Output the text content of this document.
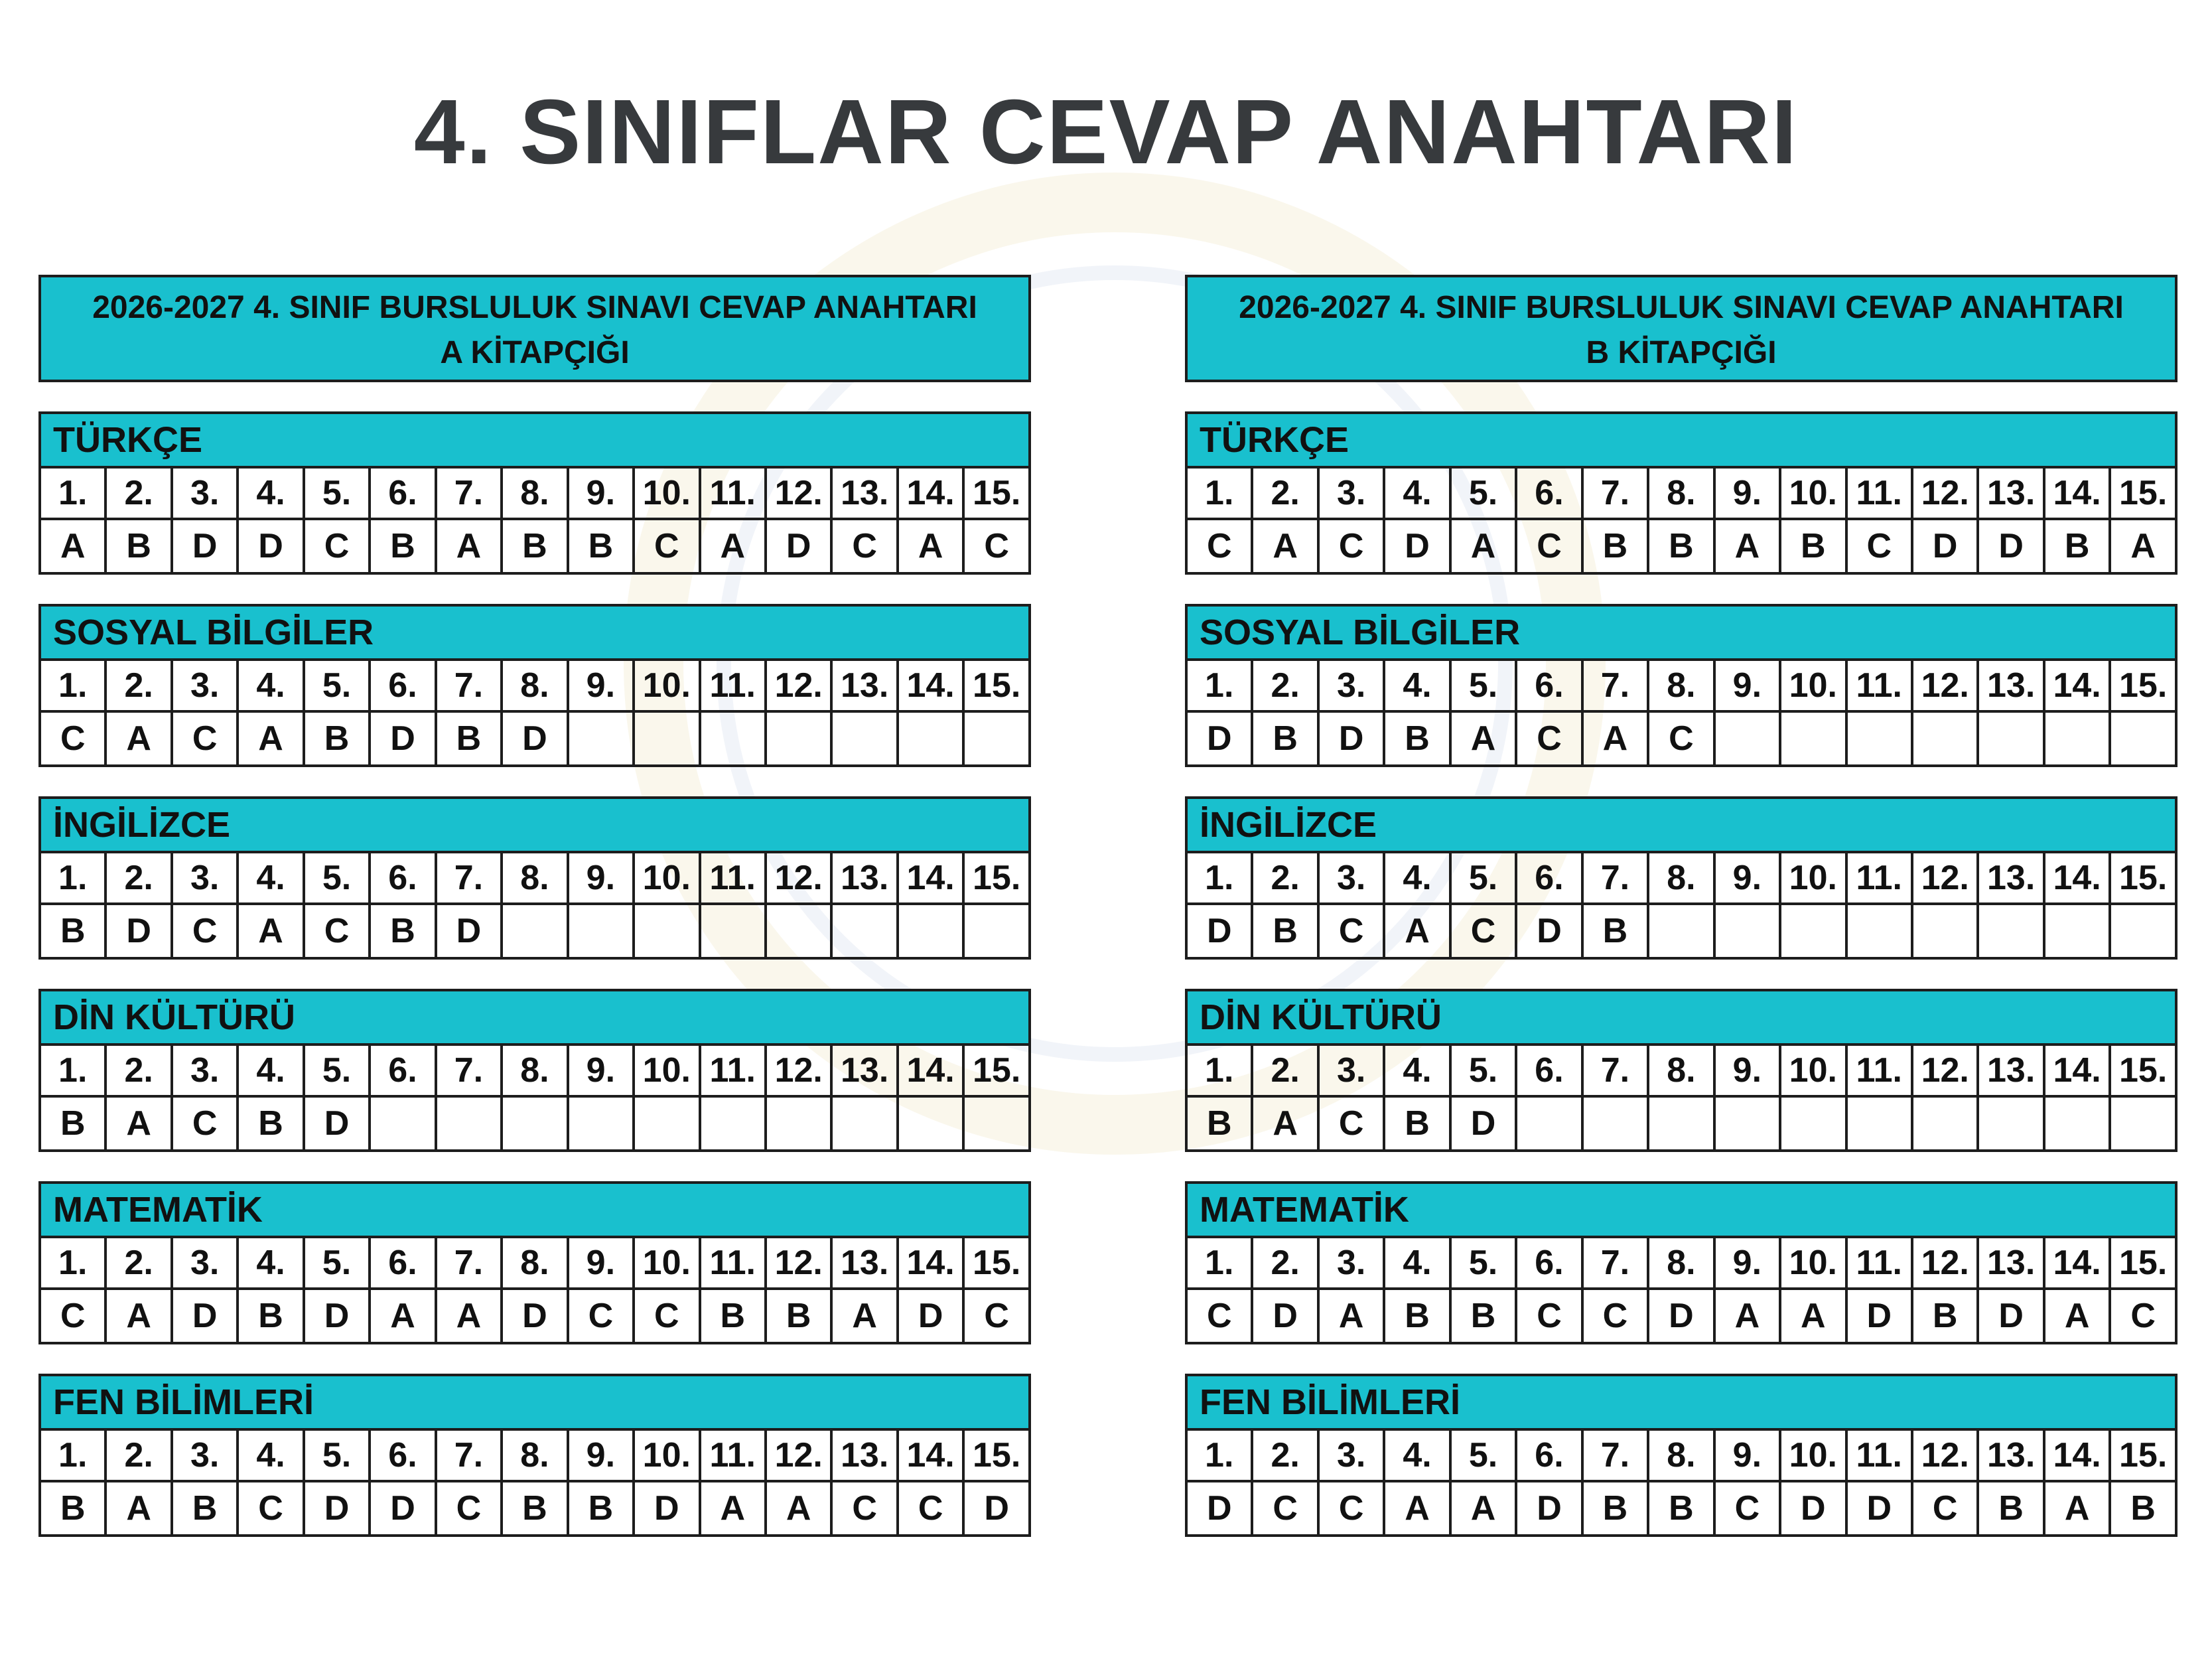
4. SINIFLAR CEVAP ANAHTARI
2026-2027 4. SINIF BURSLULUK SINAVI CEVAP ANAHTARI
A KİTAPÇIĞI
TÜRKÇE
1.	2.	3.	4.	5.	6.	7.	8.	9.	10.	11.	12.	13.	14.	15.
A	B	D	D	C	B	A	B	B	C	A	D	C	A	C
SOSYAL BİLGİLER
1.	2.	3.	4.	5.	6.	7.	8.	9.	10.	11.	12.	13.	14.	15.
C	A	C	A	B	D	B	D							
İNGİLİZCE
1.	2.	3.	4.	5.	6.	7.	8.	9.	10.	11.	12.	13.	14.	15.
B	D	C	A	C	B	D								
DİN KÜLTÜRÜ
1.	2.	3.	4.	5.	6.	7.	8.	9.	10.	11.	12.	13.	14.	15.
B	A	C	B	D										
MATEMATİK
1.	2.	3.	4.	5.	6.	7.	8.	9.	10.	11.	12.	13.	14.	15.
C	A	D	B	D	A	A	D	C	C	B	B	A	D	C
FEN BİLİMLERİ
1.	2.	3.	4.	5.	6.	7.	8.	9.	10.	11.	12.	13.	14.	15.
B	A	B	C	D	D	C	B	B	D	A	A	C	C	D
2026-2027 4. SINIF BURSLULUK SINAVI CEVAP ANAHTARI
B KİTAPÇIĞI
TÜRKÇE
1.	2.	3.	4.	5.	6.	7.	8.	9.	10.	11.	12.	13.	14.	15.
C	A	C	D	A	C	B	B	A	B	C	D	D	B	A
SOSYAL BİLGİLER
1.	2.	3.	4.	5.	6.	7.	8.	9.	10.	11.	12.	13.	14.	15.
D	B	D	B	A	C	A	C							
İNGİLİZCE
1.	2.	3.	4.	5.	6.	7.	8.	9.	10.	11.	12.	13.	14.	15.
D	B	C	A	C	D	B								
DİN KÜLTÜRÜ
1.	2.	3.	4.	5.	6.	7.	8.	9.	10.	11.	12.	13.	14.	15.
B	A	C	B	D										
MATEMATİK
1.	2.	3.	4.	5.	6.	7.	8.	9.	10.	11.	12.	13.	14.	15.
C	D	A	B	B	C	C	D	A	A	D	B	D	A	C
FEN BİLİMLERİ
1.	2.	3.	4.	5.	6.	7.	8.	9.	10.	11.	12.	13.	14.	15.
D	C	C	A	A	D	B	B	C	D	D	C	B	A	B
